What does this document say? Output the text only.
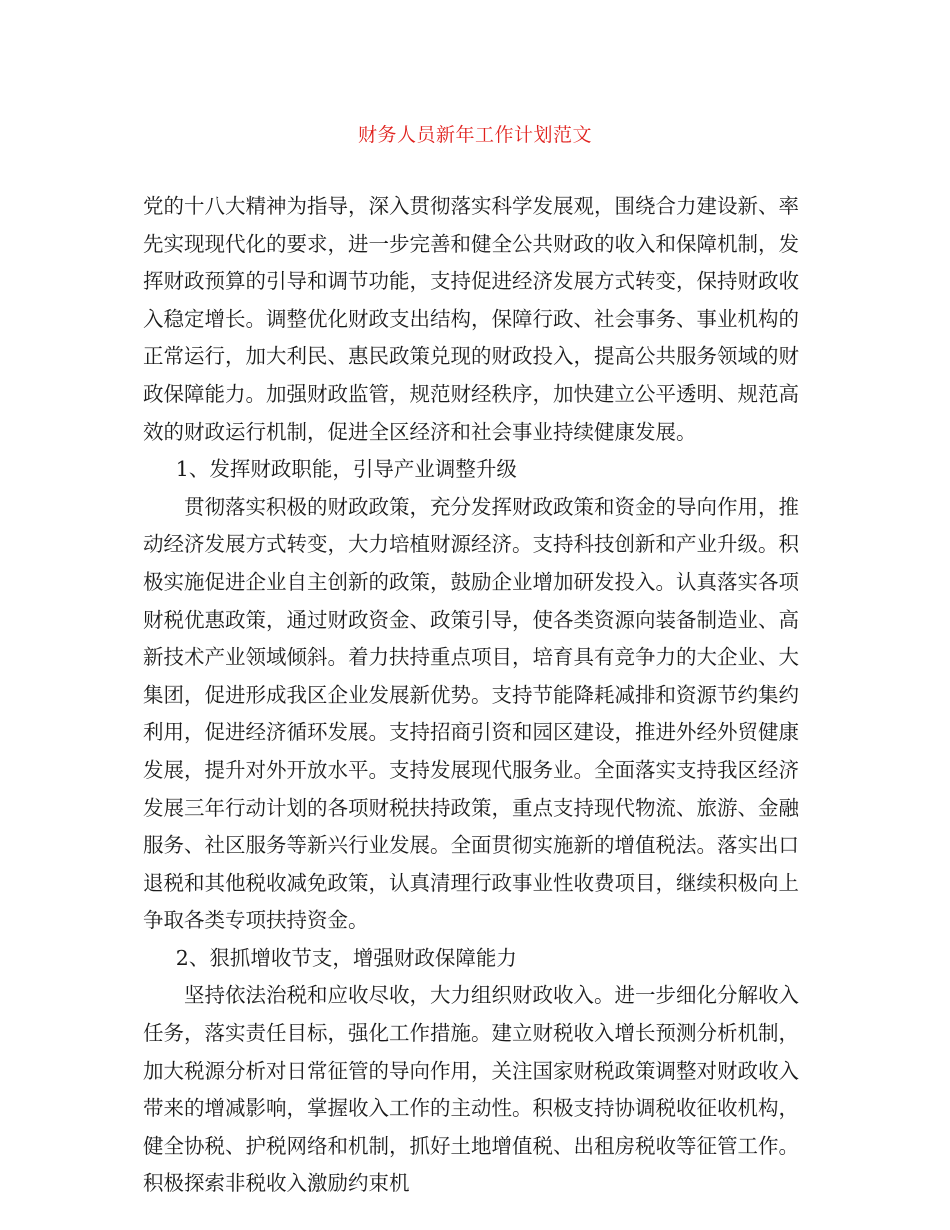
财务人员新年工作计划范文

党的十八大精神为指导，深入贯彻落实科学发展观，围绕合力建设新、率先实现现代化的要求，进一步完善和健全公共财政的收入和保障机制，发挥财政预算的引导和调节功能，支持促进经济发展方式转变，保持财政收入稳定增长。调整优化财政支出结构，保障行政、社会事务、事业机构的正常运行，加大利民、惠民政策兑现的财政投入，提高公共服务领域的财政保障能力。加强财政监管，规范财经秩序，加快建立公平透明、规范高效的财政运行机制，促进全区经济和社会事业持续健康发展。

1、发挥财政职能，引导产业调整升级

贯彻落实积极的财政政策，充分发挥财政政策和资金的导向作用，推动经济发展方式转变，大力培植财源经济。支持科技创新和产业升级。积极实施促进企业自主创新的政策，鼓励企业增加研发投入。认真落实各项财税优惠政策，通过财政资金、政策引导，使各类资源向装备制造业、高新技术产业领域倾斜。着力扶持重点项目，培育具有竞争力的大企业、大集团，促进形成我区企业发展新优势。支持节能降耗减排和资源节约集约利用，促进经济循环发展。支持招商引资和园区建设，推进外经外贸健康发展，提升对外开放水平。支持发展现代服务业。全面落实支持我区经济发展三年行动计划的各项财税扶持政策，重点支持现代物流、旅游、金融服务、社区服务等新兴行业发展。全面贯彻实施新的增值税法。落实出口退税和其他税收减免政策，认真清理行政事业性收费项目，继续积极向上争取各类专项扶持资金。

2、狠抓增收节支，增强财政保障能力

坚持依法治税和应收尽收，大力组织财政收入。进一步细化分解收入任务，落实责任目标，强化工作措施。建立财税收入增长预测分析机制，加大税源分析对日常征管的导向作用，关注国家财税政策调整对财政收入带来的增减影响，掌握收入工作的主动性。积极支持协调税收征收机构，健全协税、护税网络和机制，抓好土地增值税、出租房税收等征管工作。积极探索非税收入激励约束机
